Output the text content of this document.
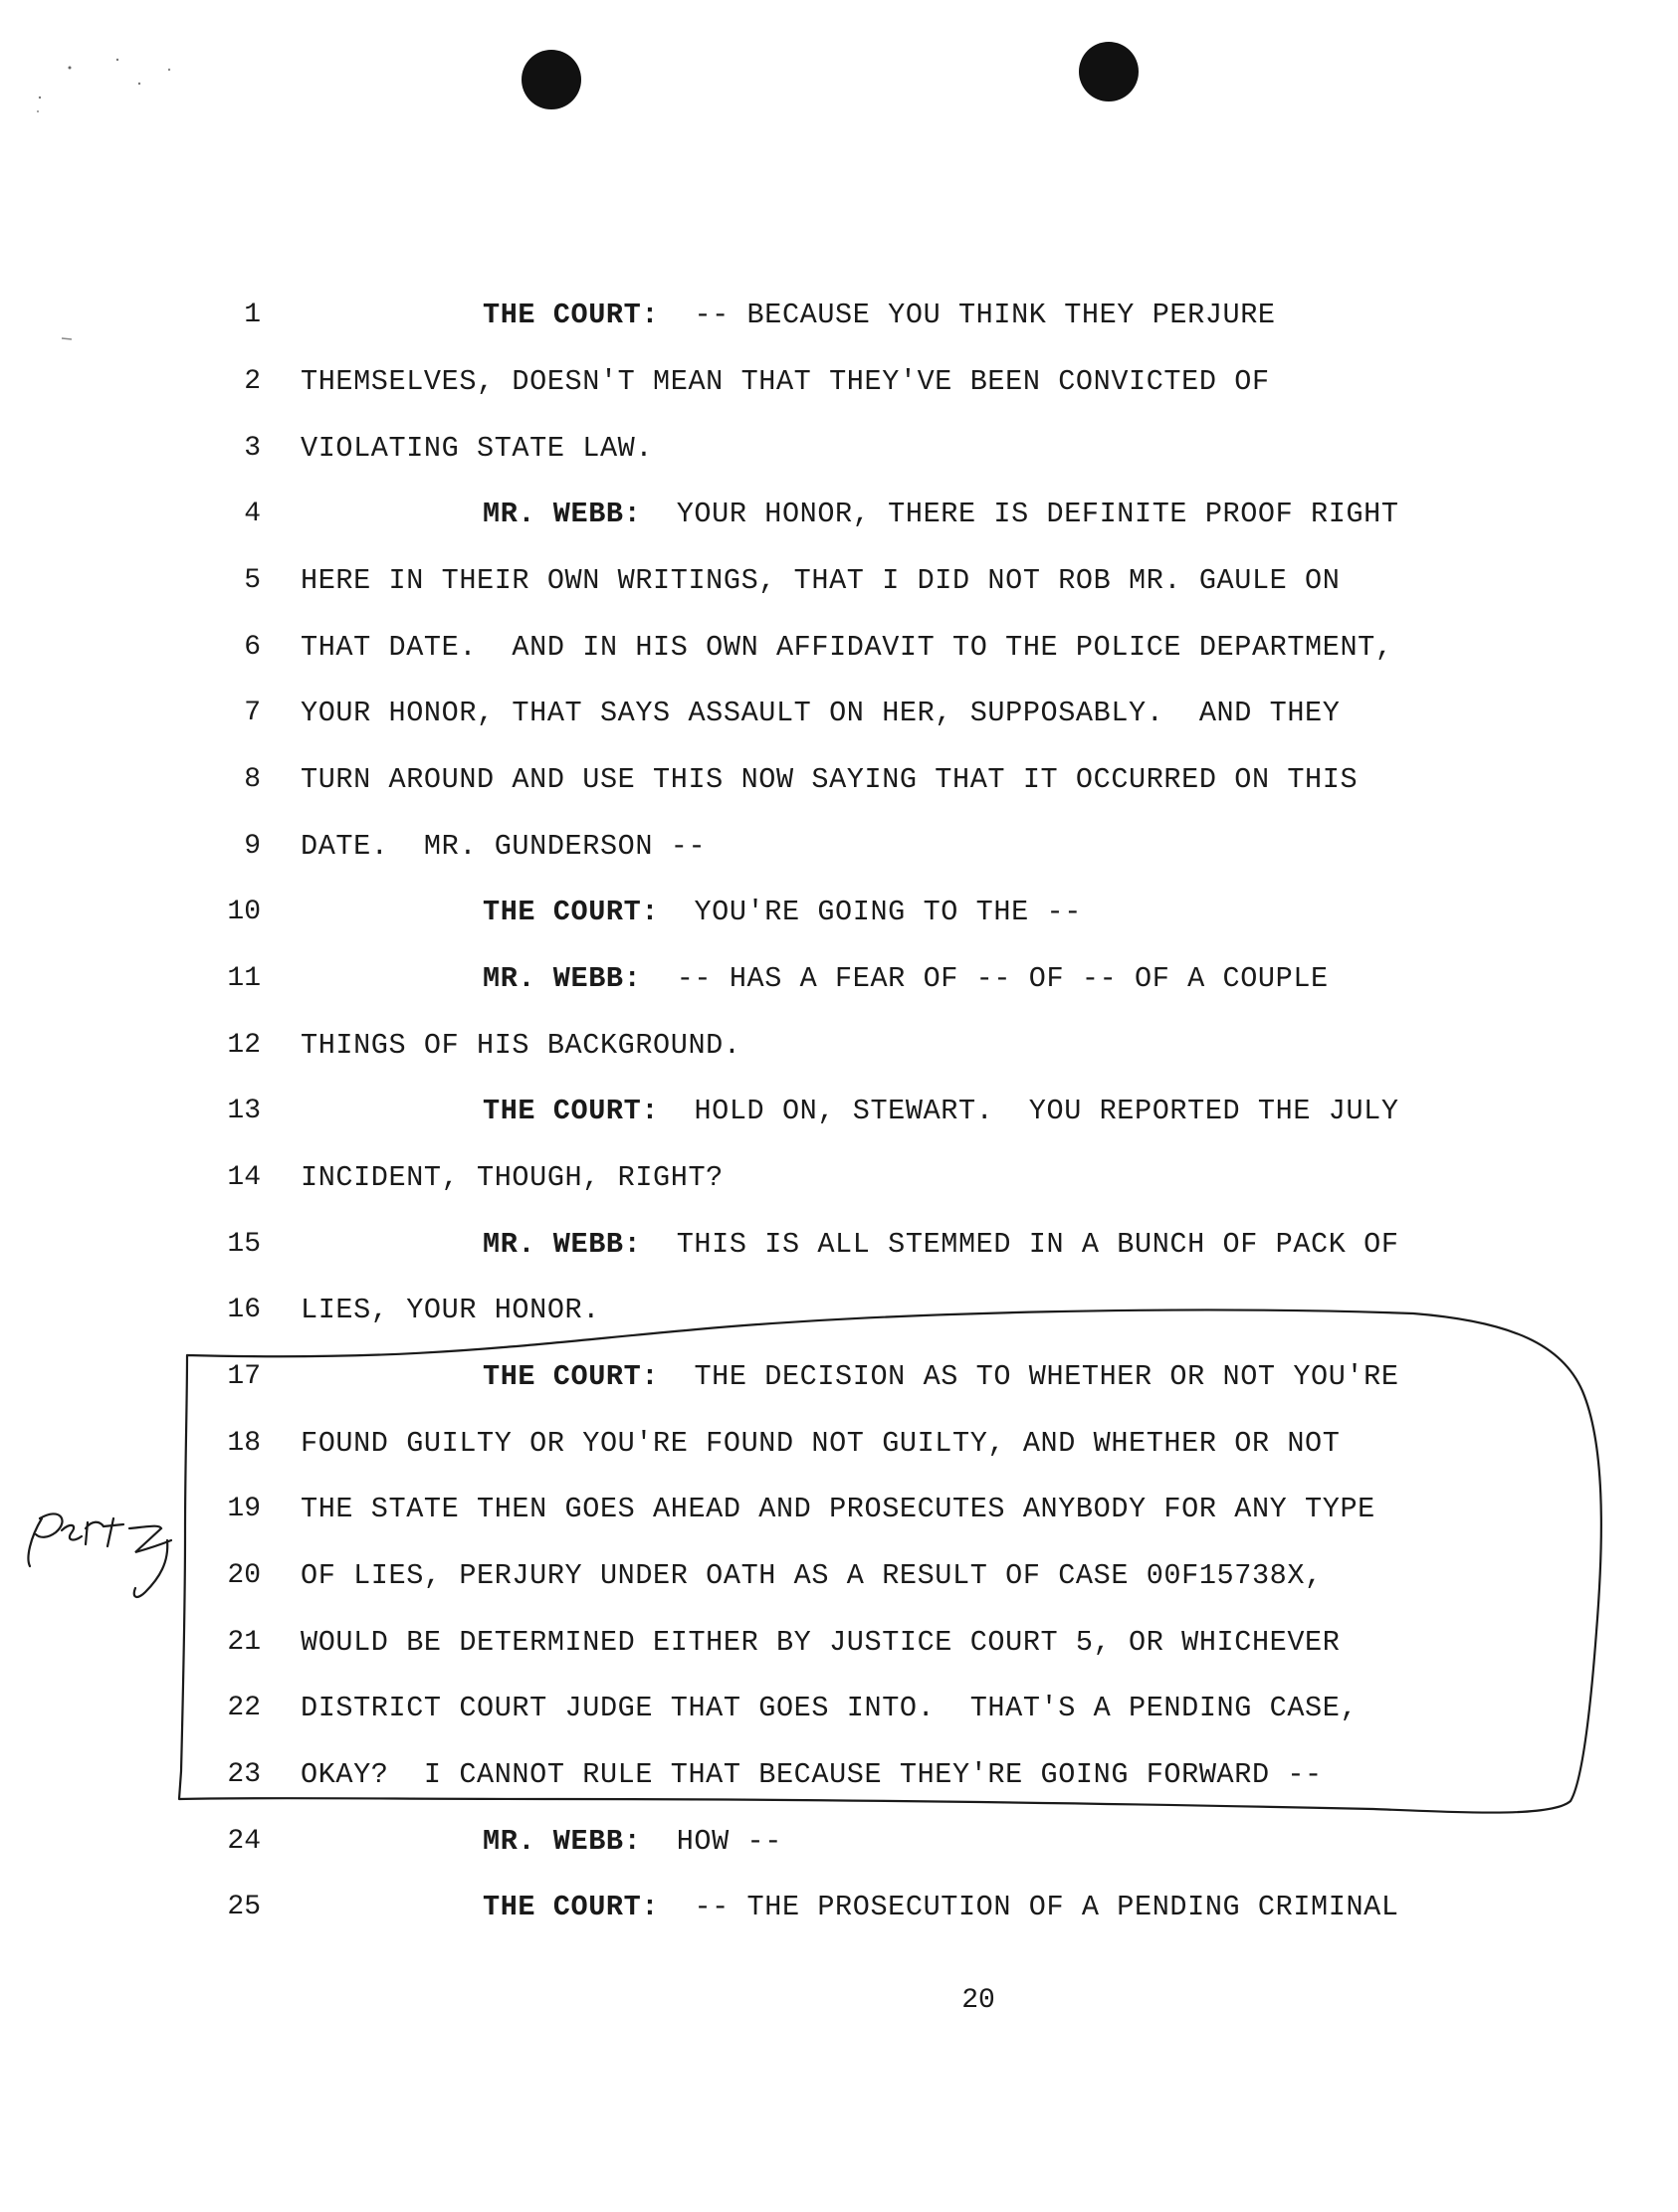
1	THE COURT: -- BECAUSE YOU THINK THEY PERJURE
2 THEMSELVES, DOESN'T MEAN THAT THEY'VE BEEN CONVICTED OF
3 VIOLATING STATE LAW.
4	MR. WEBB: YOUR HONOR, THERE IS DEFINITE PROOF RIGHT
5 HERE IN THEIR OWN WRITINGS, THAT I DID NOT ROB MR. GAULE ON
6 THAT DATE.  AND IN HIS OWN AFFIDAVIT TO THE POLICE DEPARTMENT,
7 YOUR HONOR, THAT SAYS ASSAULT ON HER, SUPPOSABLY.  AND THEY
8 TURN AROUND AND USE THIS NOW SAYING THAT IT OCCURRED ON THIS
9 DATE.  MR. GUNDERSON --
10	THE COURT: YOU'RE GOING TO THE --
11	MR. WEBB: -- HAS A FEAR OF -- OF -- OF A COUPLE
12 THINGS OF HIS BACKGROUND.
13	THE COURT: HOLD ON, STEWART.  YOU REPORTED THE JULY
14 INCIDENT, THOUGH, RIGHT?
15	MR. WEBB: THIS IS ALL STEMMED IN A BUNCH OF PACK OF
16 LIES, YOUR HONOR.
17	THE COURT: THE DECISION AS TO WHETHER OR NOT YOU'RE
18 FOUND GUILTY OR YOU'RE FOUND NOT GUILTY, AND WHETHER OR NOT
19 THE STATE THEN GOES AHEAD AND PROSECUTES ANYBODY FOR ANY TYPE
20 OF LIES, PERJURY UNDER OATH AS A RESULT OF CASE 00F15738X,
21 WOULD BE DETERMINED EITHER BY JUSTICE COURT 5, OR WHICHEVER
22 DISTRICT COURT JUDGE THAT GOES INTO.  THAT'S A PENDING CASE,
23 OKAY?  I CANNOT RULE THAT BECAUSE THEY'RE GOING FORWARD --
24	MR. WEBB: HOW --
25	THE COURT: -- THE PROSECUTION OF A PENDING CRIMINAL
20
